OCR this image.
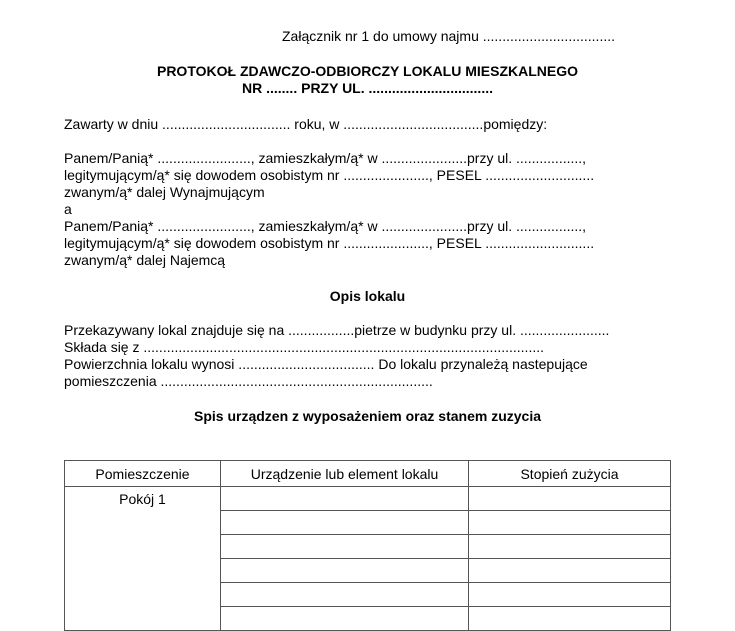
Załącznik nr 1 do umowy najmu ..................................
PROTOKOŁ ZDAWCZO-ODBIORCZY LOKALU MIESZKALNEGO
NR ........ PRZY UL. ................................
Zawarty w dniu ................................. roku, w ....................................pomiędzy:
Panem/Panią* ........................, zamieszkałym/ą* w ......................przy ul. .................,
legitymującym/ą* się dowodem osobistym nr ......................, PESEL ............................
zwanym/ą* dalej Wynajmującym
a
Panem/Panią* ........................, zamieszkałym/ą* w ......................przy ul. .................,
legitymującym/ą* się dowodem osobistym nr ......................, PESEL ............................
zwanym/ą* dalej Najemcą
Opis lokalu
Przekazywany lokal znajduje się na .................pietrze w budynku przy ul. .......................
Składa się z .......................................................................................................
Powierzchnia lokalu wynosi ................................... Do lokalu przynależą nastepujące
pomieszczenia ......................................................................
Spis urządzen z wyposażeniem oraz stanem zuzycia
Pomieszczenie	Urządzenie lub element lokalu	Stopień zużycia
Pokój 1		
